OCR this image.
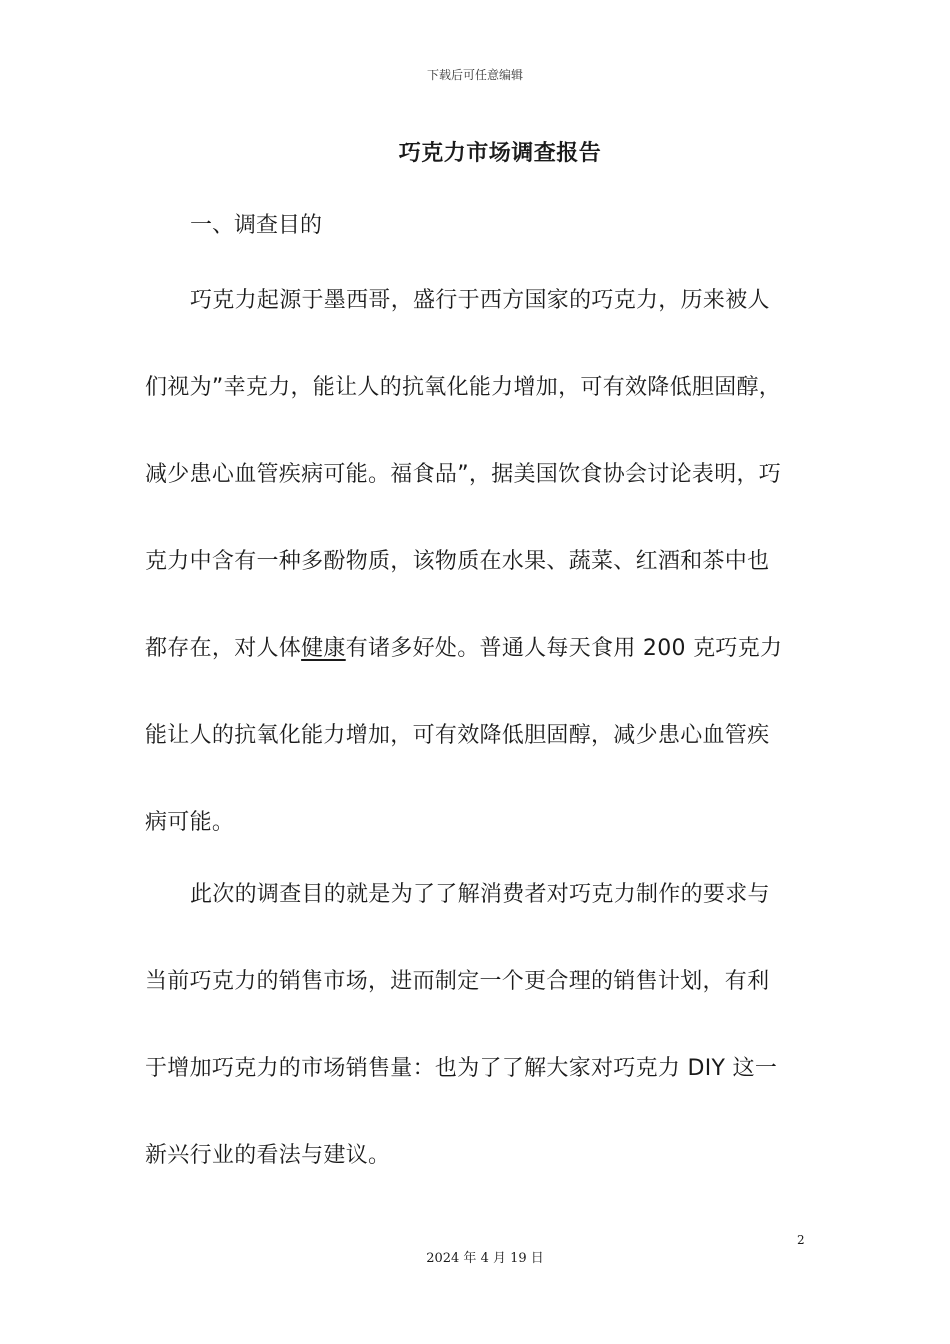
下载后可任意编辑
巧克力市场调查报告
一、调查目的
巧克力起源于墨西哥，盛行于西方国家的巧克力，历来被人
们视为”幸克力，能让人的抗氧化能力增加，可有效降低胆固醇，
减少患心血管疾病可能。福食品”，据美国饮食协会讨论表明，巧
克力中含有一种多酚物质，该物质在水果、蔬菜、红酒和茶中也
都存在，对人体健康有诸多好处。普通人每天食用 200 克巧克力
能让人的抗氧化能力增加，可有效降低胆固醇，减少患心血管疾
病可能。
此次的调查目的就是为了了解消费者对巧克力制作的要求与
当前巧克力的销售市场，进而制定一个更合理的销售计划，有利
于增加巧克力的市场销售量：也为了了解大家对巧克力 DIY 这一
新兴行业的看法与建议。
2
2024 年 4 月 19 日
